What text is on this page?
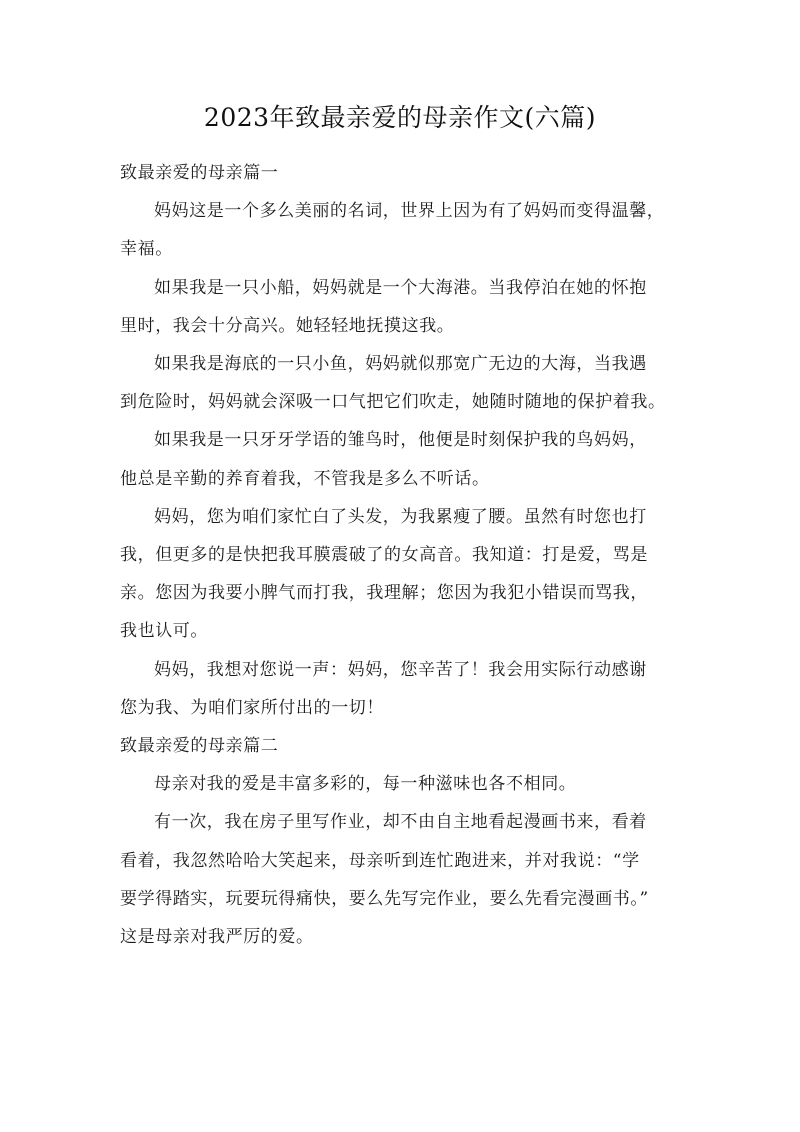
2023年致最亲爱的母亲作文(六篇)

致最亲爱的母亲篇一

妈妈这是一个多么美丽的名词，世界上因为有了妈妈而变得温馨，
幸福。

如果我是一只小船，妈妈就是一个大海港。当我停泊在她的怀抱
里时，我会十分高兴。她轻轻地抚摸这我。

如果我是海底的一只小鱼，妈妈就似那宽广无边的大海，当我遇
到危险时，妈妈就会深吸一口气把它们吹走，她随时随地的保护着我。

如果我是一只牙牙学语的雏鸟时，他便是时刻保护我的鸟妈妈，
他总是辛勤的养育着我，不管我是多么不听话。

妈妈，您为咱们家忙白了头发，为我累瘦了腰。虽然有时您也打
我，但更多的是快把我耳膜震破了的女高音。我知道：打是爱，骂是
亲。您因为我要小脾气而打我，我理解；您因为我犯小错误而骂我，
我也认可。

妈妈，我想对您说一声：妈妈，您辛苦了！我会用实际行动感谢
您为我、为咱们家所付出的一切！

致最亲爱的母亲篇二

母亲对我的爱是丰富多彩的，每一种滋味也各不相同。

有一次，我在房子里写作业，却不由自主地看起漫画书来，看着
看着，我忽然哈哈大笑起来，母亲听到连忙跑进来，并对我说：“学
要学得踏实，玩要玩得痛快，要么先写完作业，要么先看完漫画书。”
这是母亲对我严厉的爱。
